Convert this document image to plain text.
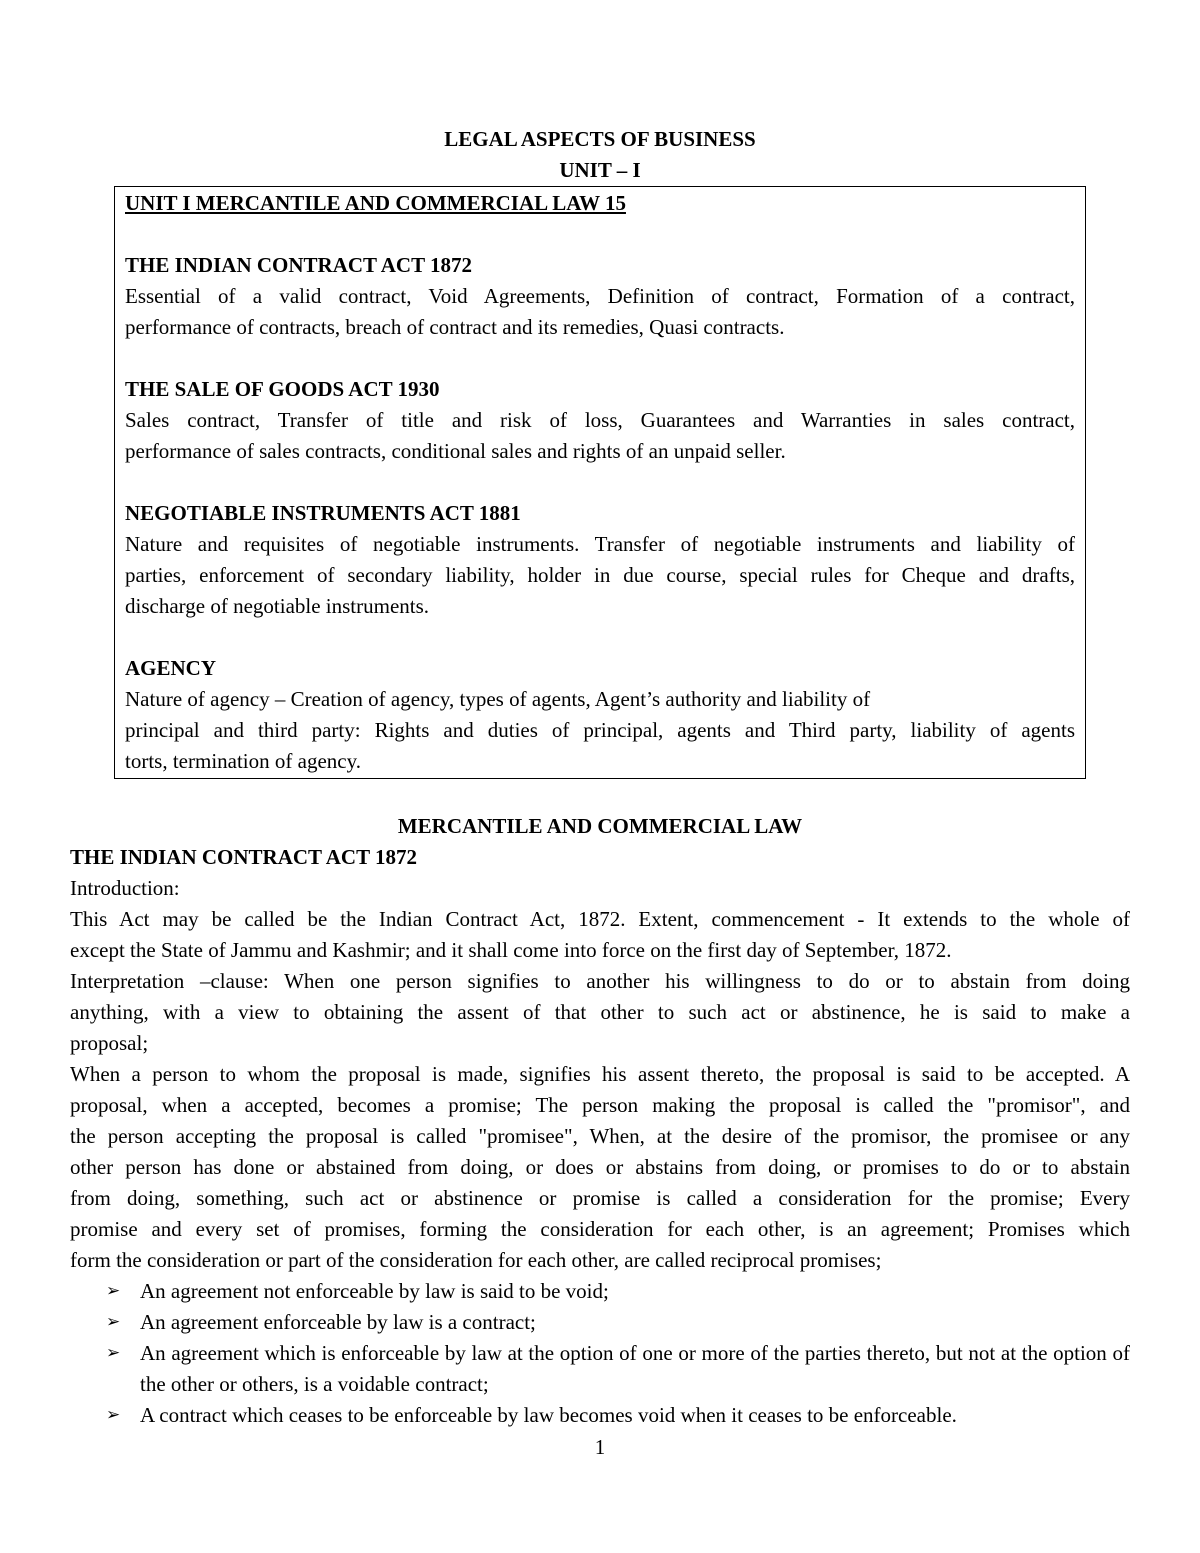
LEGAL ASPECTS OF BUSINESS
UNIT – I
UNIT I MERCANTILE AND COMMERCIAL LAW 15
THE INDIAN CONTRACT ACT 1872
Essential of a valid contract, Void Agreements, Definition of contract, Formation of a contract,
performance of contracts, breach of contract and its remedies, Quasi contracts.
THE SALE OF GOODS ACT 1930
Sales contract, Transfer of title and risk of loss, Guarantees and Warranties in sales contract,
performance of sales contracts, conditional sales and rights of an unpaid seller.
NEGOTIABLE INSTRUMENTS ACT 1881
Nature and requisites of negotiable instruments. Transfer of negotiable instruments and liability of
parties, enforcement of secondary liability, holder in due course, special rules for Cheque and drafts,
discharge of negotiable instruments.
AGENCY
Nature of agency – Creation of agency, types of agents, Agent’s authority and liability of
principal and third party: Rights and duties of principal, agents and Third party, liability of agents
torts, termination of agency.
MERCANTILE AND COMMERCIAL LAW
THE INDIAN CONTRACT ACT 1872
Introduction:
This Act may be called be the Indian Contract Act, 1872. Extent, commencement - It extends to the whole of
except the State of Jammu and Kashmir; and it shall come into force on the first day of September, 1872.
Interpretation –clause: When one person signifies to another his willingness to do or to abstain from doing
anything, with a view to obtaining the assent of that other to such act or abstinence, he is said to make a
proposal;
When a person to whom the proposal is made, signifies his assent thereto, the proposal is said to be accepted. A
proposal, when a accepted, becomes a promise; The person making the proposal is called the "promisor", and
the person accepting the proposal is called "promisee", When, at the desire of the promisor, the promisee or any
other person has done or abstained from doing, or does or abstains from doing, or promises to do or to abstain
from doing, something, such act or abstinence or promise is called a consideration for the promise; Every
promise and every set of promises, forming the consideration for each other, is an agreement; Promises which
form the consideration or part of the consideration for each other, are called reciprocal promises;
➢ An agreement not enforceable by law is said to be void;
➢ An agreement enforceable by law is a contract;
➢ An agreement which is enforceable by law at the option of one or more of the parties thereto, but not at the option of the other or others, is a voidable contract;
➢ A contract which ceases to be enforceable by law becomes void when it ceases to be enforceable.
1
